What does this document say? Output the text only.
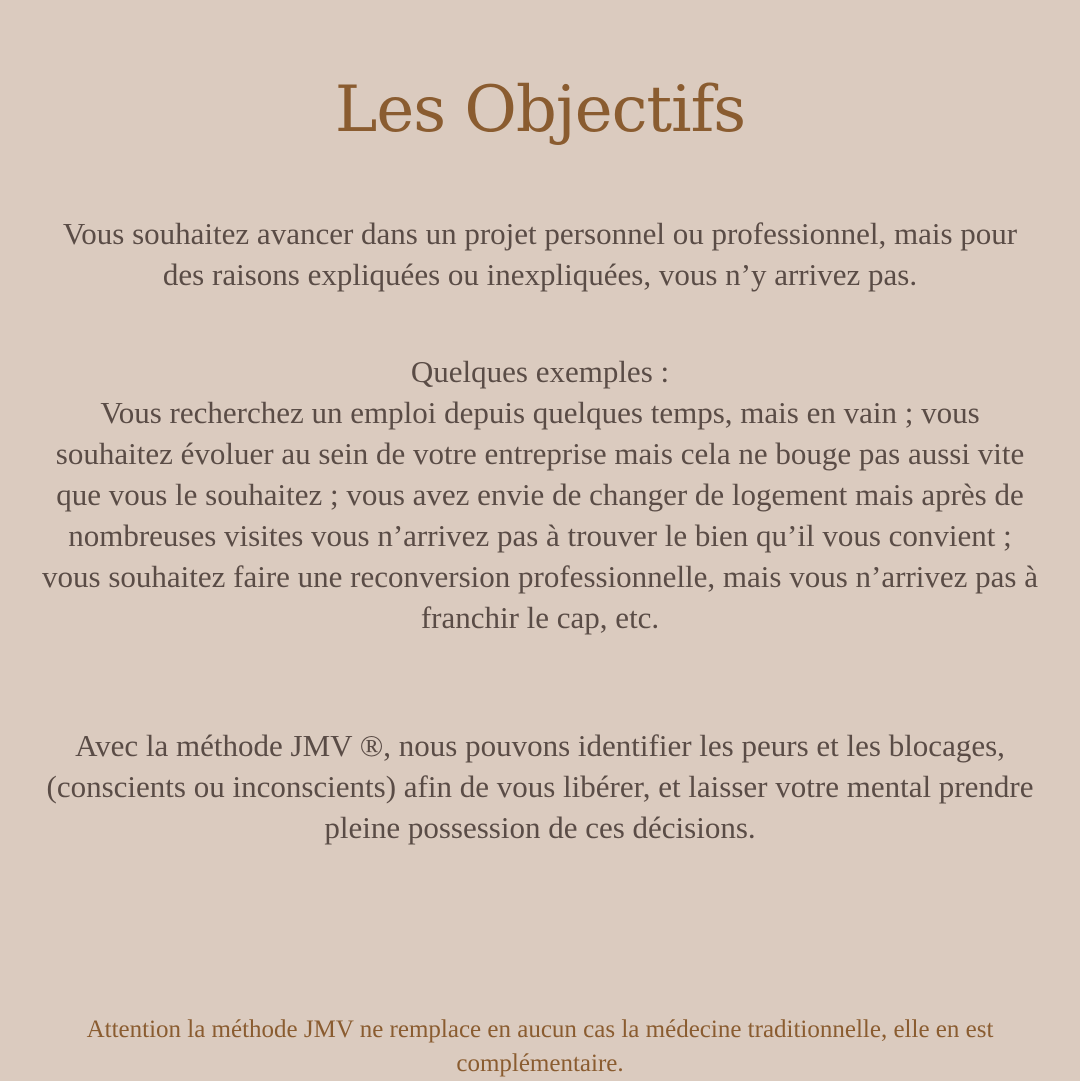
Les Objectifs

Vous souhaitez avancer dans un projet personnel ou professionnel, mais pour des raisons expliquées ou inexpliquées, vous n’y arrivez pas.

Quelques exemples :

Vous recherchez un emploi depuis quelques temps, mais en vain ; vous souhaitez évoluer au sein de votre entreprise mais cela ne bouge pas aussi vite que vous le souhaitez ; vous avez envie de changer de logement mais après de nombreuses visites vous n’arrivez pas à trouver le bien qu’il vous convient ; vous souhaitez faire une reconversion professionnelle, mais vous n’arrivez pas à franchir le cap, etc.

Avec la méthode JMV ®, nous pouvons identifier les peurs et les blocages, (conscients ou inconscients) afin de vous libérer, et laisser votre mental prendre pleine possession de ces décisions.

Attention la méthode JMV ne remplace en aucun cas la médecine traditionnelle, elle en est complémentaire.
